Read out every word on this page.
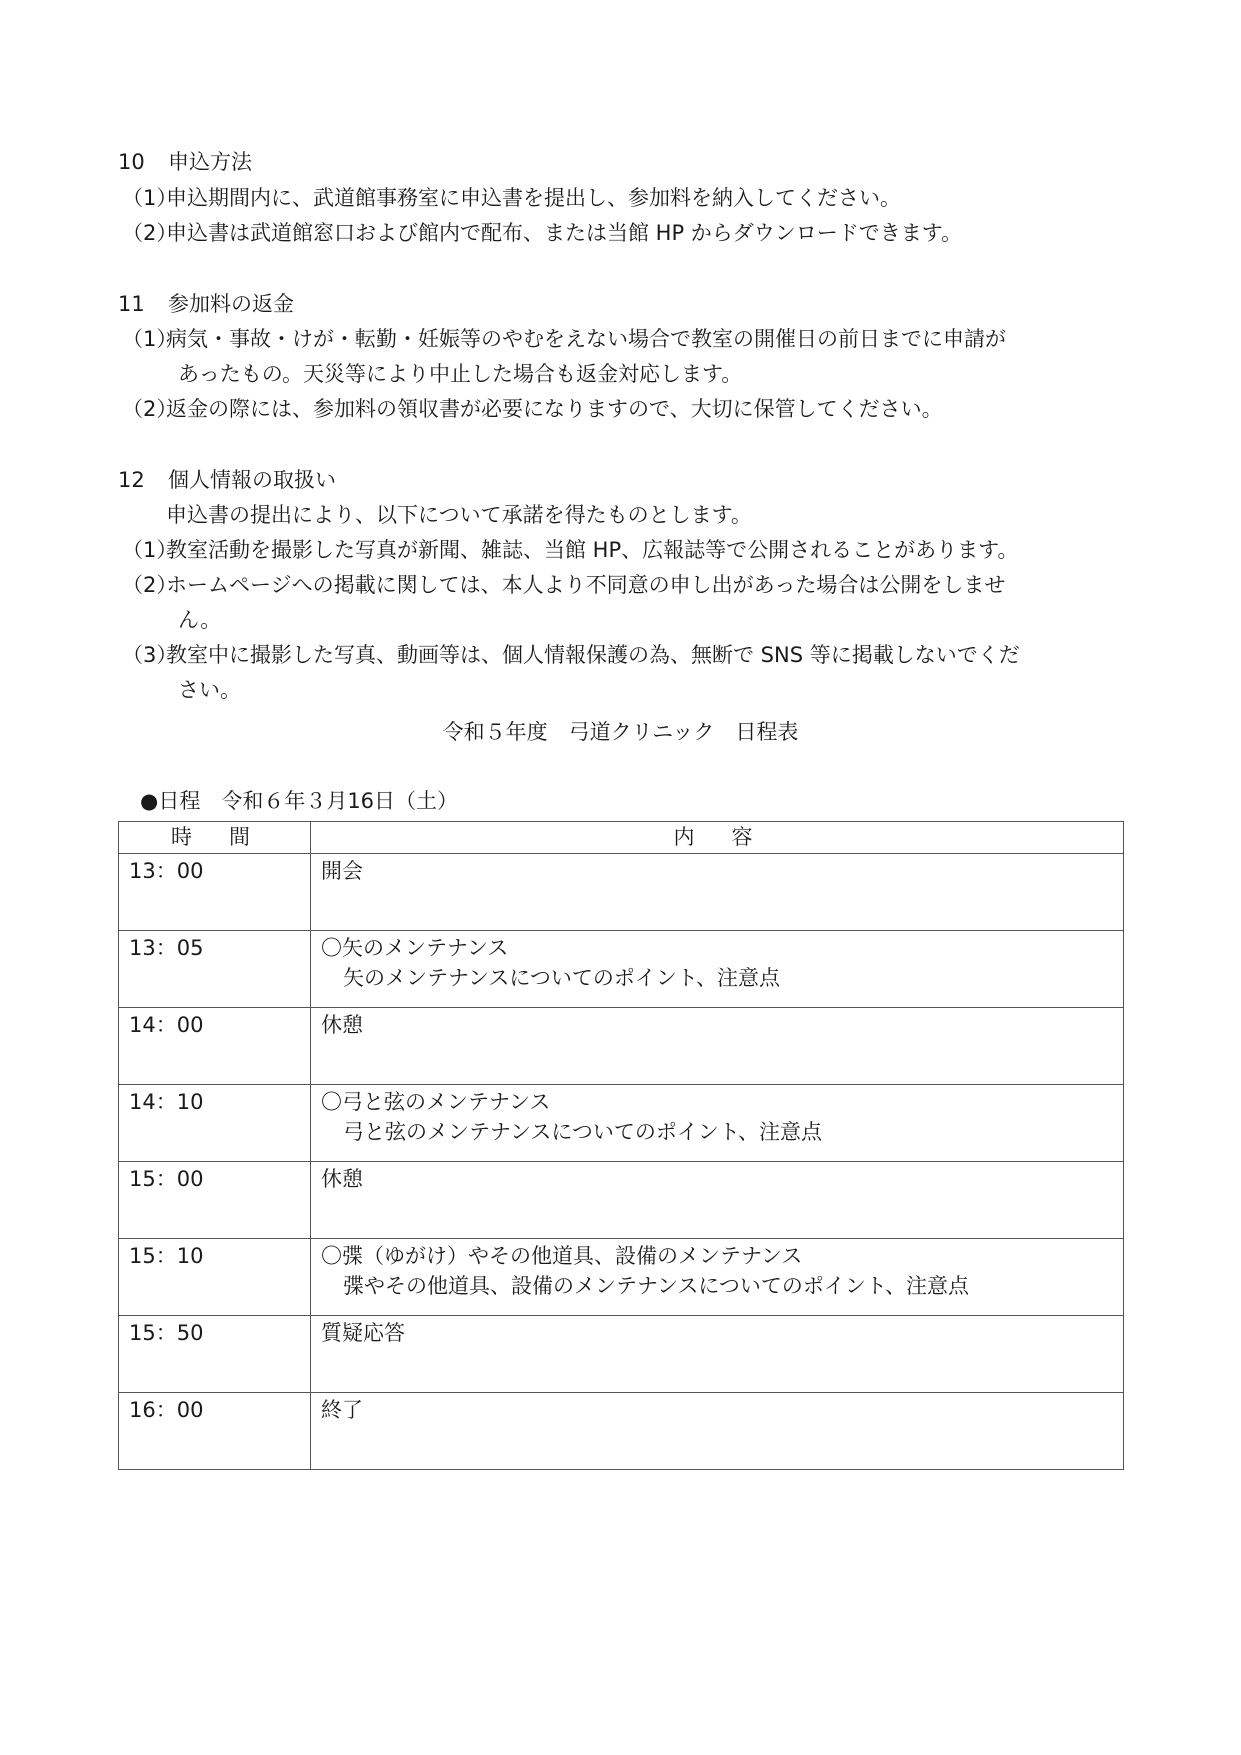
10 申込方法
（1）申込期間内に、武道館事務室に申込書を提出し、参加料を納入してください。
（2）申込書は武道館窓口および館内で配布、または当館 HP からダウンロードできます。
11 参加料の返金
（1）病気・事故・けが・転勤・妊娠等のやむをえない場合で教室の開催日の前日までに申請が
あったもの。天災等により中止した場合も返金対応します。
（2）返金の際には、参加料の領収書が必要になりますので、大切に保管してください。
12 個人情報の取扱い
申込書の提出により、以下について承諾を得たものとします。
（1）教室活動を撮影した写真が新聞、雑誌、当館 HP、広報誌等で公開されることがあります。
（2）ホームページへの掲載に関しては、本人より不同意の申し出があった場合は公開をしませ
ん。
（3）教室中に撮影した写真、動画等は、個人情報保護の為、無断で SNS 等に掲載しないでくだ
さい。
令和５年度　弓道クリニック　日程表
●日程　令和６年３月16日（土）
時　間	内　容
13：00	開会

13：05	〇矢のメンテナンス
矢のメンテナンスについてのポイント、注意点

14：00	休憩

14：10	〇弓と弦のメンテナンス
弓と弦のメンテナンスについてのポイント、注意点

15：00	休憩

15：10	〇弽（ゆがけ）やその他道具、設備のメンテナンス
弽やその他道具、設備のメンテナンスについてのポイント、注意点

15：50	質疑応答

16：00	終了
